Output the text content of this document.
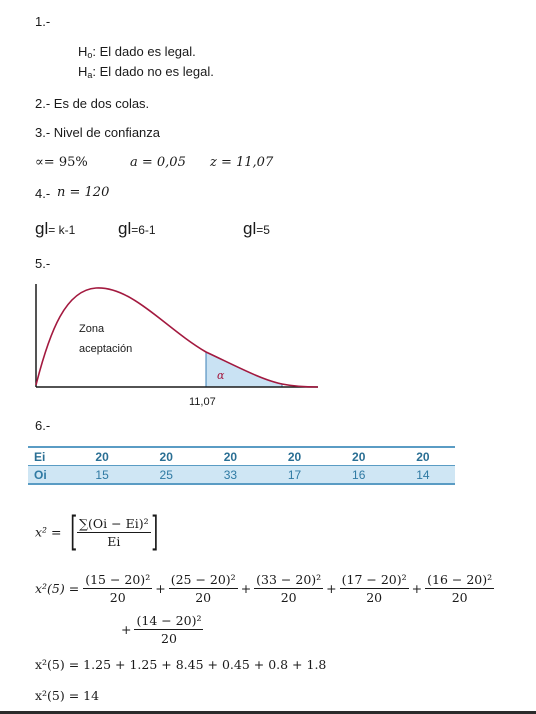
1.-
$H_o$: El dado es legal.
$H_a$: El dado no es legal.
2.- Es de dos colas.
3.- Nivel de confianza
∝= 95%	a = 0,05 z = 11,07
4.- n = 120
gl= k-1	gl=6-1	gl=5
5.-
Zona
aceptación
α
11,07
6.-
Ei	20	20	20	20	20	20
Oi	15	25	33	17	16	14
x² = [ $\frac{\text{∑(Oi − Ei)²}}{Ei}$ ]
$x^2(5) = \frac{\text{(15 − 20)²}}{20} + \frac{\text{(25 − 20)²}}{20} + \frac{\text{(33 − 20)²}}{20} + \frac{\text{(17 − 20)²}}{20} + \frac{\text{(16 − 20)²}}{20}$
+ $\frac{\text{(14 − 20)²}}{20}$
x²(5) = 1.25 + 1.25 + 8.45 + 0.45 + 0.8 + 1.8
x²(5) = 14
